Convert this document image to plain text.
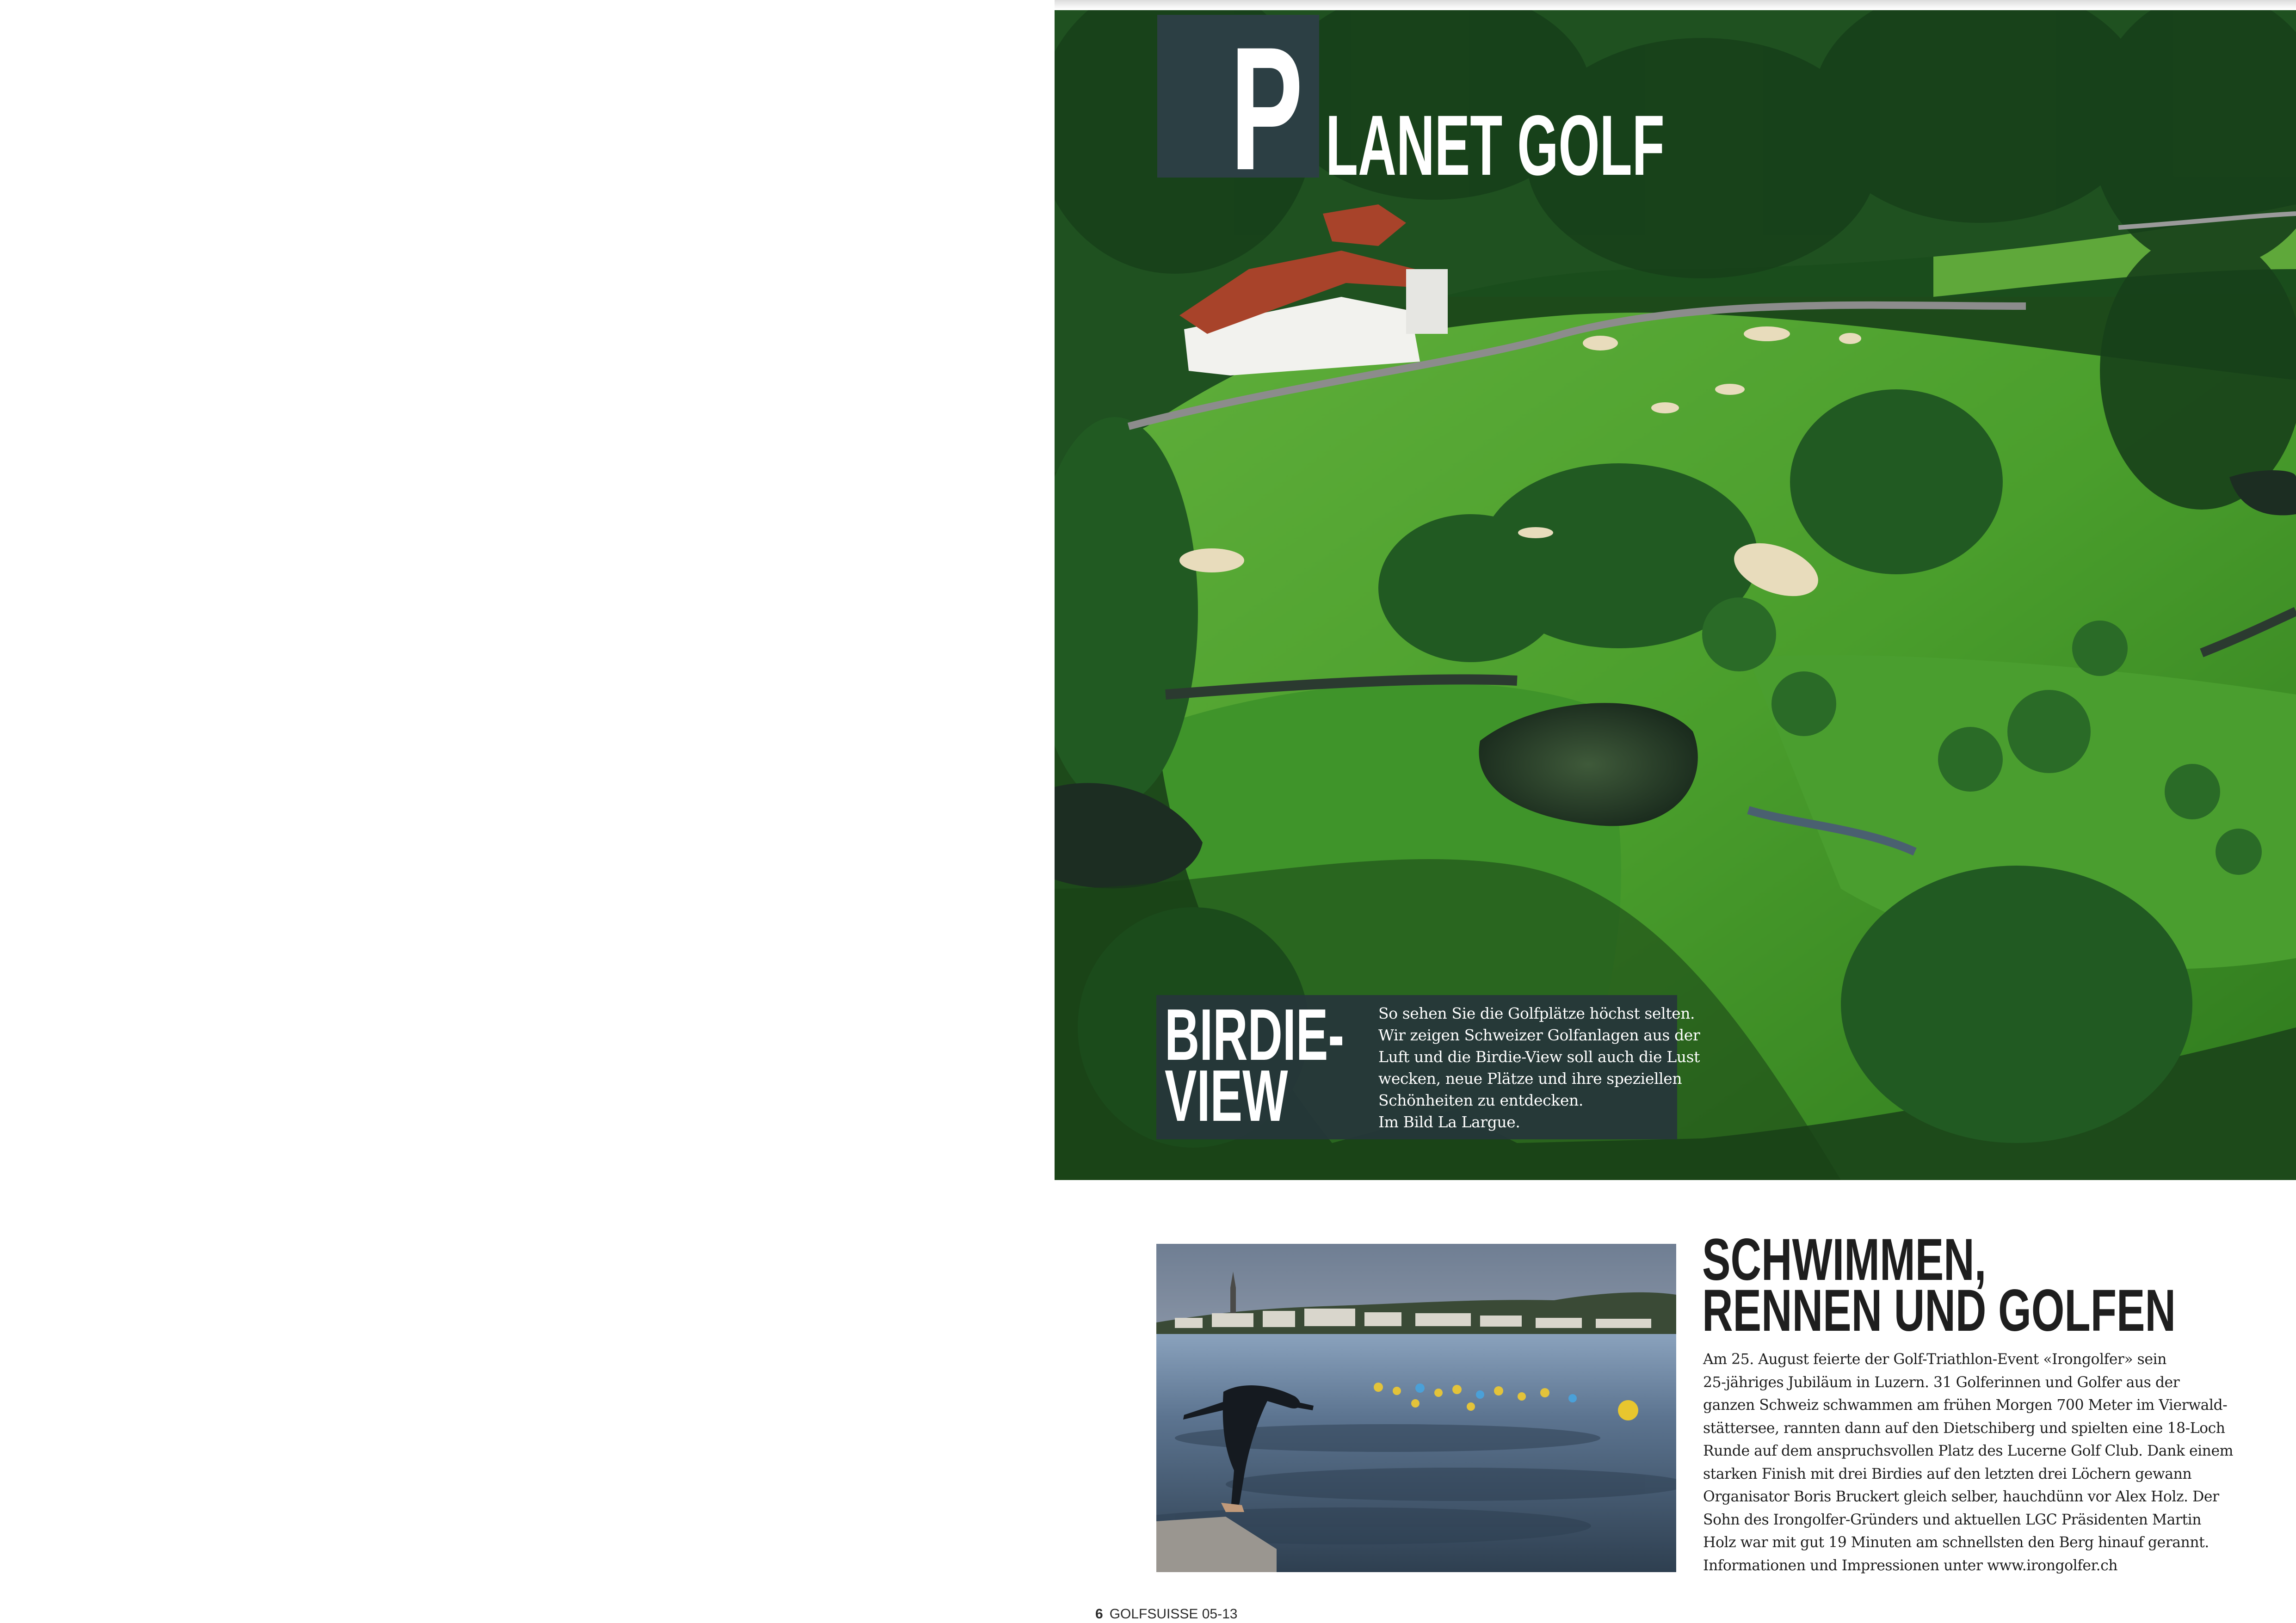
P LANET GOLF
BIRDIE-
VIEW
So sehen Sie die Golfplätze höchst selten.
Wir zeigen Schweizer Golfanlagen aus
Luft und die Birdie-View soll auch die
wecken, neue Plätze und ihre speziellen
Schönheiten zu entdecken.
Im Bild La Largue.
SCHWIMMEN,
RENNEN UND GOLFEN
Am 25. August feierte der Golf-Triathlon-Event «Irongolfer» sein
25-jähriges Jubiläum in Luzern. 31 Golferinnen und Golfer aus der
ganzen Schweiz schwammen am frühen Morgen 700 Meter im Vierwald-
stättersee, rannten dann auf den Dietschiberg und spielten eine 18-Loch
Runde auf dem anspruchsvollen Platz des Lucerne Golf Club. Dank einem
starken Finish mit drei Birdies auf den letzten drei Löchern gewann
Organisator Boris Bruckert gleich selber, hauchdünn vor Alex Holz. Der
Sohn des Irongolfer-Gründers und aktuellen LGC Präsidenten Martin
Holz war mit gut 19 Minuten am schnellsten den Berg hinauf gerannt.
Informationen und Impressionen unter www.irongolfer.ch
6 GOLFSUISSE 05-13
